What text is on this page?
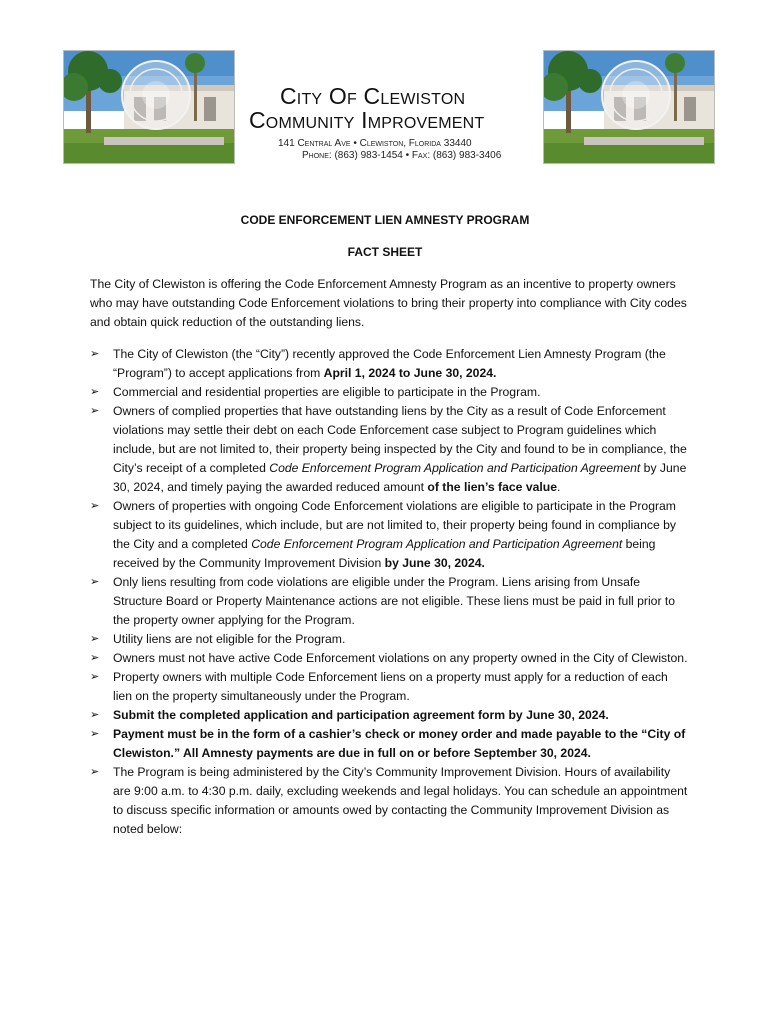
City Of Clewiston

Community Improvement

141 Central Ave • Clewiston, Florida 33440

Phone: (863) 983-1454 • Fax: (863) 983-3406

CODE ENFORCEMENT LIEN AMNESTY PROGRAM

FACT SHEET

The City of Clewiston is offering the Code Enforcement Amnesty Program as an incentive to property owners who may have outstanding Code Enforcement violations to bring their property into compliance with City codes and obtain quick reduction of the outstanding liens.

➢ The City of Clewiston (the “City”) recently approved the Code Enforcement Lien Amnesty Program (the “Program”) to accept applications from April 1, 2024 to June 30, 2024.
➢ Commercial and residential properties are eligible to participate in the Program.
➢ Owners of complied properties that have outstanding liens by the City as a result of Code Enforcement violations may settle their debt on each Code Enforcement case subject to Program guidelines which include, but are not limited to, their property being inspected by the City and found to be in compliance, the City’s receipt of a completed Code Enforcement Program Application and Participation Agreement by June 30, 2024, and timely paying the awarded reduced amount of the lien’s face value.
➢ Owners of properties with ongoing Code Enforcement violations are eligible to participate in the Program subject to its guidelines, which include, but are not limited to, their property being found in compliance by the City and a completed Code Enforcement Program Application and Participation Agreement being received by the Community Improvement Division by June 30, 2024.
➢ Only liens resulting from code violations are eligible under the Program. Liens arising from Unsafe Structure Board or Property Maintenance actions are not eligible. These liens must be paid in full prior to the property owner applying for the Program.
➢ Utility liens are not eligible for the Program.
➢ Owners must not have active Code Enforcement violations on any property owned in the City of Clewiston.
➢ Property owners with multiple Code Enforcement liens on a property must apply for a reduction of each lien on the property simultaneously under the Program.
➢ Submit the completed application and participation agreement form by June 30, 2024.
➢ Payment must be in the form of a cashier’s check or money order and made payable to the “City of Clewiston.” All Amnesty payments are due in full on or before September 30, 2024.
➢ The Program is being administered by the City’s Community Improvement Division. Hours of availability are 9:00 a.m. to 4:30 p.m. daily, excluding weekends and legal holidays. You can schedule an appointment to discuss specific information or amounts owed by contacting the Community Improvement Division as noted below:
